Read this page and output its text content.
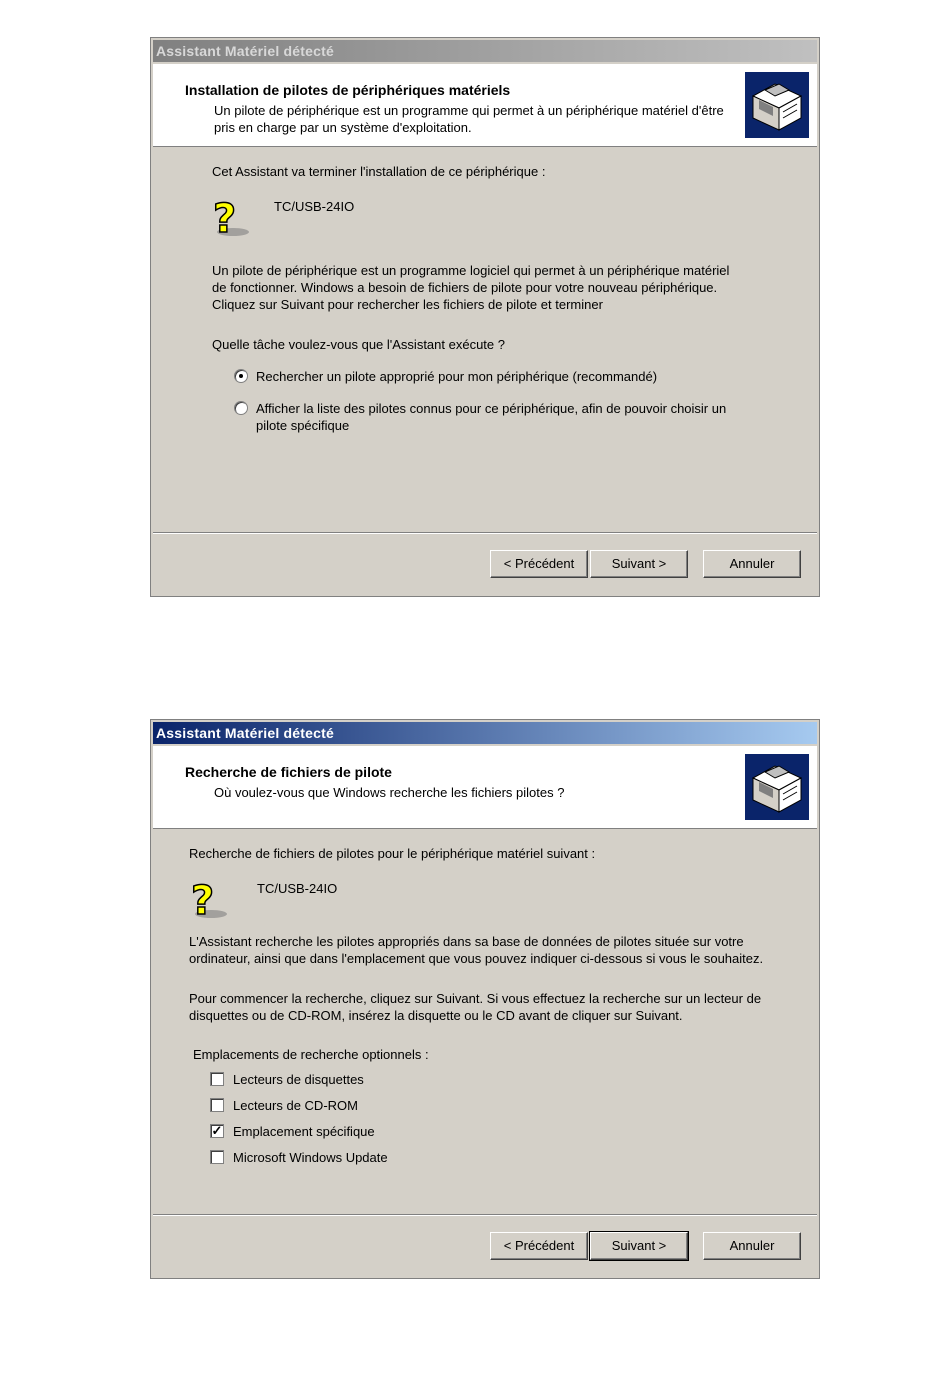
Assistant Matériel détecté
Installation de pilotes de périphériques matériels
Un pilote de périphérique est un programme qui permet à un périphérique matériel d'être pris en charge par un système d'exploitation.
Cet Assistant va terminer l'installation de ce périphérique :
?	TC/USB-24IO
Un pilote de périphérique est un programme logiciel qui permet à un périphérique matériel de fonctionner. Windows a besoin de fichiers de pilote pour votre nouveau périphérique. Cliquez sur Suivant pour rechercher les fichiers de pilote et terminer
Quelle tâche voulez-vous que l'Assistant exécute ?
Rechercher un pilote approprié pour mon périphérique (recommandé)
Afficher la liste des pilotes connus pour ce périphérique, afin de pouvoir choisir un pilote spécifique
< Précédent	Suivant >	Annuler
Assistant Matériel détecté
Recherche de fichiers de pilote
Où voulez-vous que Windows recherche les fichiers pilotes ?
Recherche de fichiers de pilotes pour le périphérique matériel suivant :
?	TC/USB-24IO
L'Assistant recherche les pilotes appropriés dans sa base de données de pilotes située sur votre ordinateur, ainsi que dans l'emplacement que vous pouvez indiquer ci-dessous si vous le souhaitez.
Pour commencer la recherche, cliquez sur Suivant. Si vous effectuez la recherche sur un lecteur de disquettes ou de CD-ROM, insérez la disquette ou le CD avant de cliquer sur Suivant.
Emplacements de recherche optionnels :
Lecteurs de disquettes
Lecteurs de CD-ROM
✓ Emplacement spécifique
Microsoft Windows Update
< Précédent	Suivant >	Annuler
